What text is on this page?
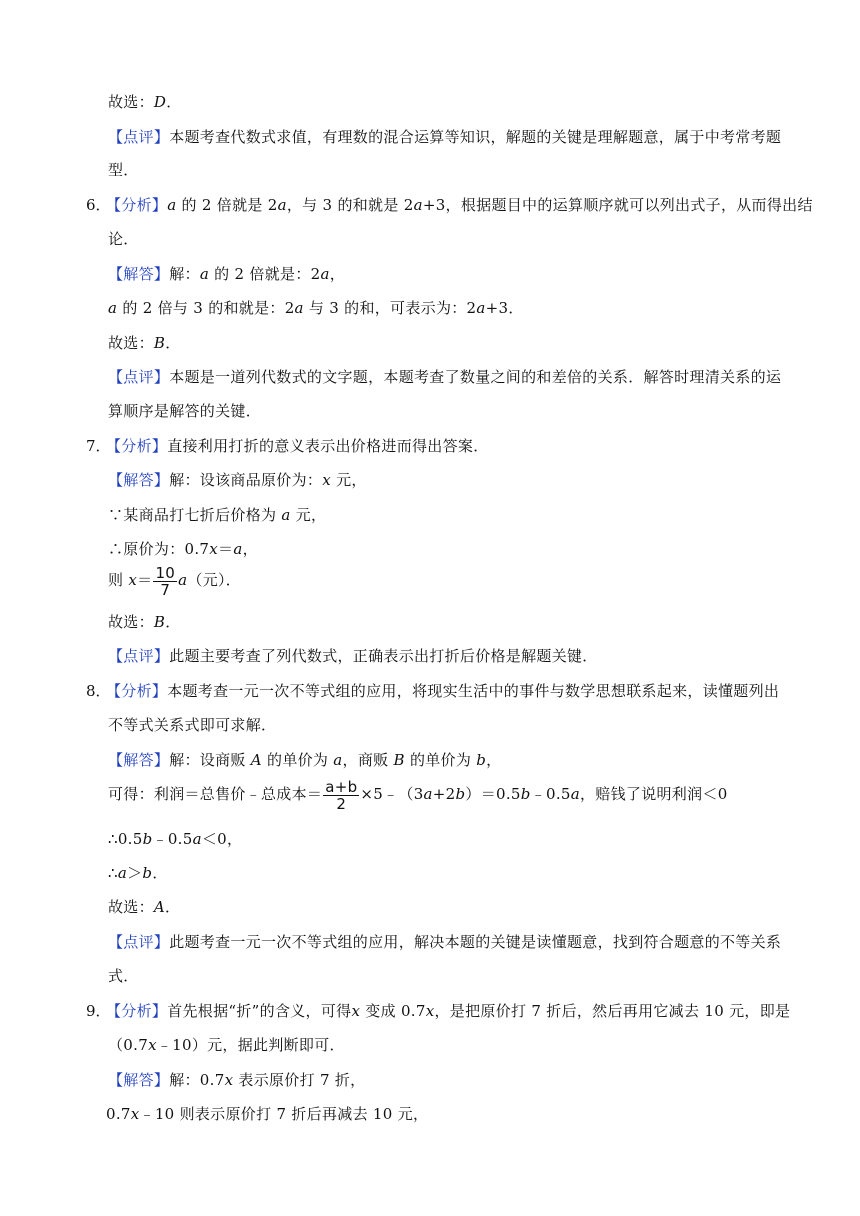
故选：D．
【点评】本题考查代数式求值，有理数的混合运算等知识，解题的关键是理解题意，属于中考常考题
型．
6．
【分析】a 的 2 倍就是 2a，与 3 的和就是 2a+3，根据题目中的运算顺序就可以列出式子，从而得出结
论．
【解答】解：a 的 2 倍就是：2a，
a 的 2 倍与 3 的和就是：2a 与 3 的和，可表示为：2a+3．
故选：B．
【点评】本题是一道列代数式的文字题，本题考查了数量之间的和差倍的关系．解答时理清关系的运
算顺序是解答的关键．
7．
【分析】直接利用打折的意义表示出价格进而得出答案．
【解答】解：设该商品原价为：x 元，
∵某商品打七折后价格为 a 元，
∴原价为：0.7x＝a，
则 $x= \frac{10}{7} a$（元）．
故选：B．
【点评】此题主要考查了列代数式，正确表示出打折后价格是解题关键．
8．
【分析】本题考查一元一次不等式组的应用，将现实生活中的事件与数学思想联系起来，读懂题列出
不等式关系式即可求解．
【解答】解：设商贩 A 的单价为 a，商贩 B 的单价为 b，
可得：利润＝总售价﹣总成本＝ $\frac{a+b}{2}$ ×5﹣（3a+2b）＝0.5b﹣0.5a，赔钱了说明利润＜0
∴0.5b﹣0.5a＜0，
∴a＞b．
故选：A．
【点评】此题考查一元一次不等式组的应用，解决本题的关键是读懂题意，找到符合题意的不等关系
式．
9．
【分析】首先根据“折”的含义，可得x 变成 0.7x，是把原价打 7 折后，然后再用它减去 10 元，即是
（0.7x﹣10）元，据此判断即可．
【解答】解：0.7x 表示原价打 7 折，
0.7x﹣10 则表示原价打 7 折后再减去 10 元，
